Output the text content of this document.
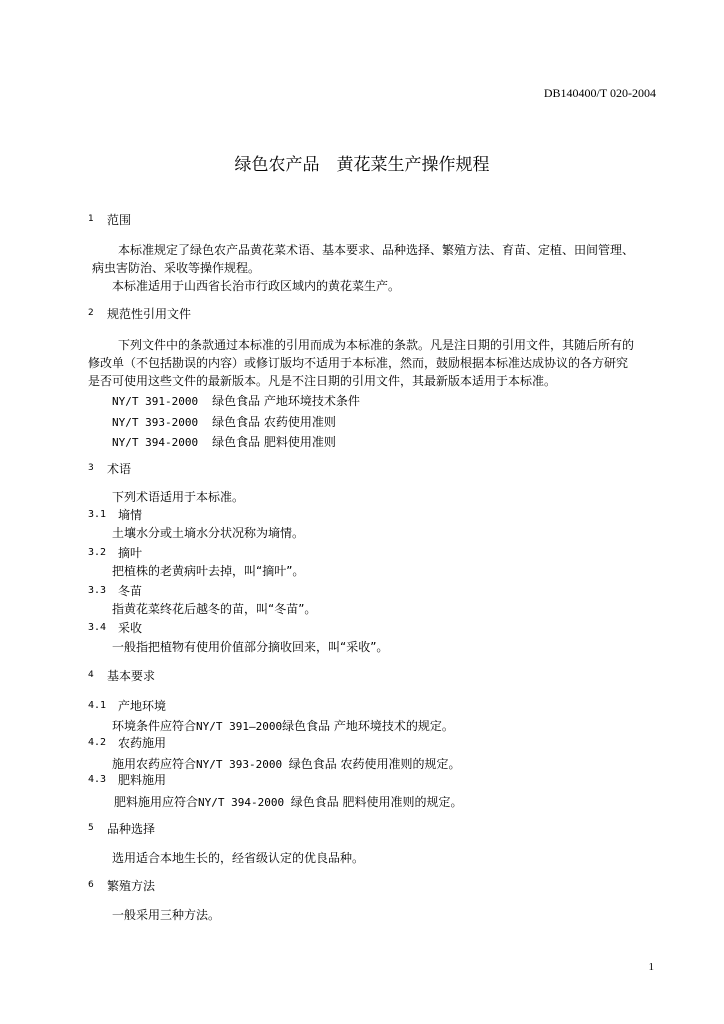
DB140400/T 020-2004
绿色农产品　黄花菜生产操作规程
1 范围
本标准规定了绿色农产品黄花菜术语、基本要求、品种选择、繁殖方法、育苗、定植、田间管理、
病虫害防治、采收等操作规程。
本标准适用于山西省长治市行政区域内的黄花菜生产。
2 规范性引用文件
下列文件中的条款通过本标准的引用而成为本标准的条款。凡是注日期的引用文件，其随后所有的
修改单（不包括勘误的内容）或修订版均不适用于本标准，然而，鼓励根据本标准达成协议的各方研究
是否可使用这些文件的最新版本。凡是不注日期的引用文件，其最新版本适用于本标准。
NY/T 391-2000 绿色食品 产地环境技术条件
NY/T 393-2000 绿色食品 农药使用准则
NY/T 394-2000 绿色食品 肥料使用准则
3 术语
下列术语适用于本标准。
3.1 墒情
土壤水分或土墒水分状况称为墒情。
3.2 摘叶
把植株的老黄病叶去掉，叫“摘叶”。
3.3 冬苗
指黄花菜终花后越冬的苗，叫“冬苗”。
3.4 采收
一般指把植物有使用价值部分摘收回来，叫“采收”。
4 基本要求
4.1 产地环境
环境条件应符合NY/T 391—2000绿色食品 产地环境技术的规定。
4.2 农药施用
施用农药应符合NY/T 393-2000 绿色食品 农药使用准则的规定。
4.3 肥料施用
肥料施用应符合NY/T 394-2000 绿色食品 肥料使用准则的规定。
5 品种选择
选用适合本地生长的，经省级认定的优良品种。
6 繁殖方法
一般采用三种方法。
1
